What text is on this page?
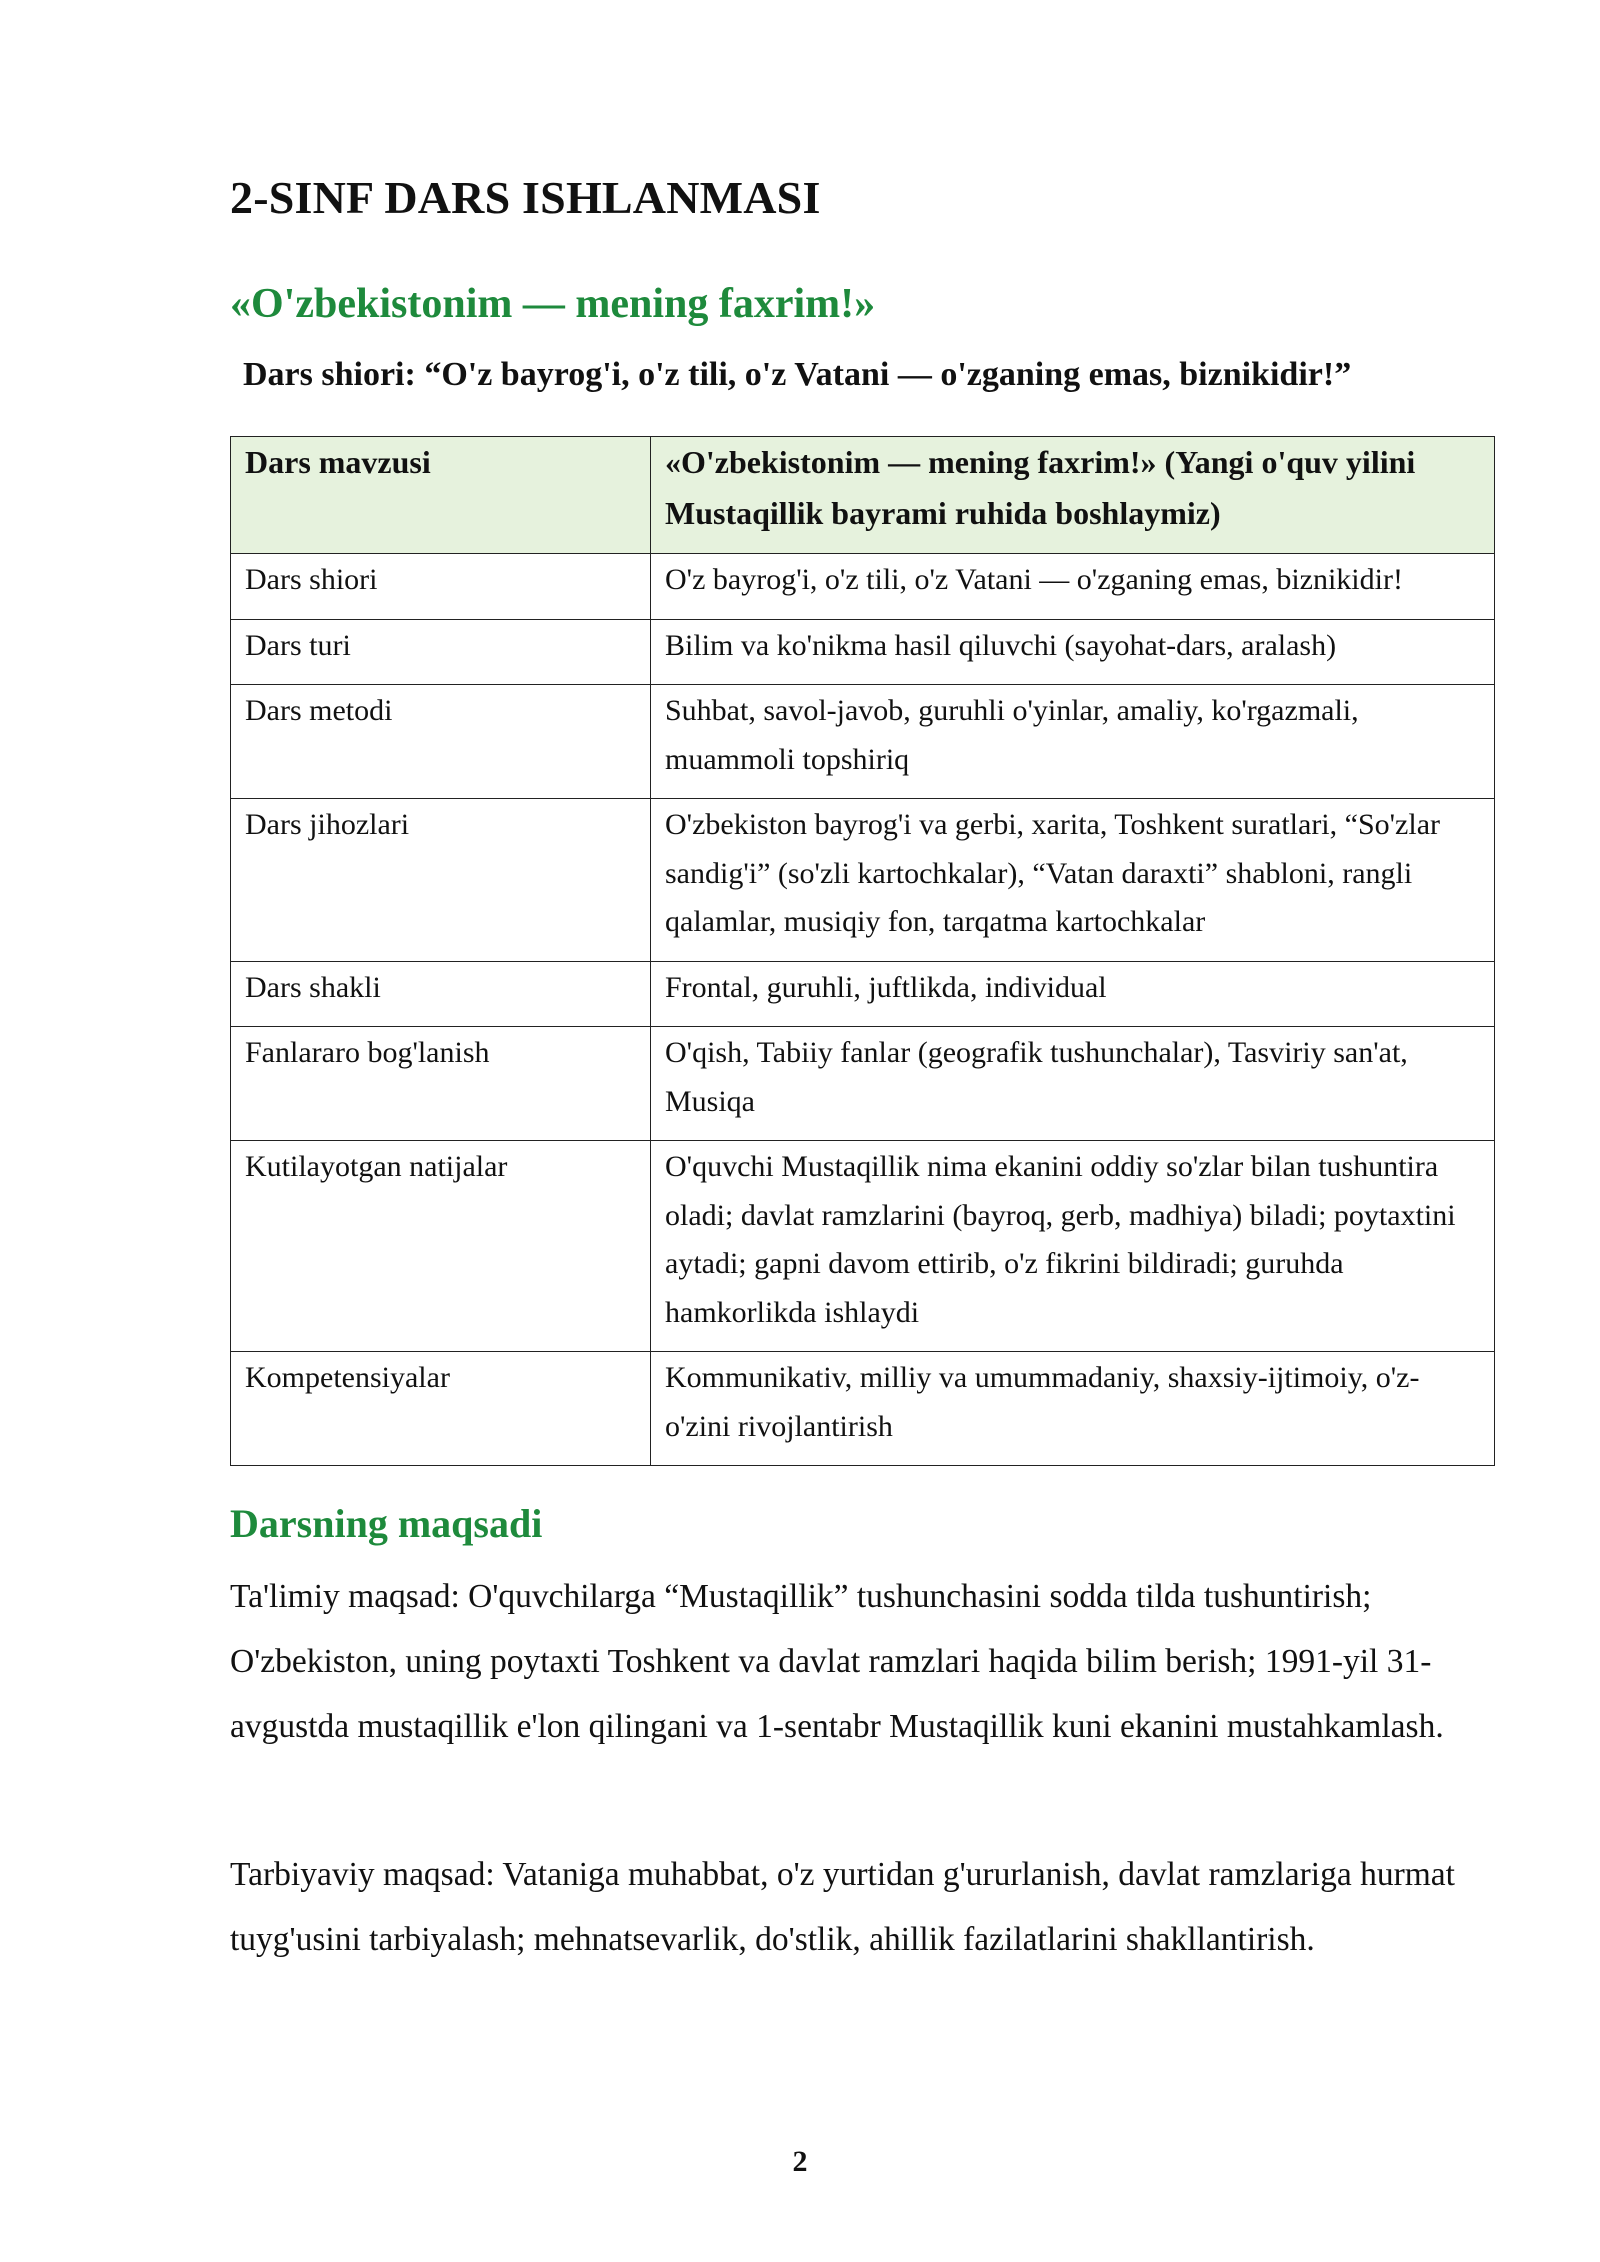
2-SINF DARS ISHLANMASI
«O'zbekistonim — mening faxrim!»
Dars shiori: “O'z bayrog'i, o'z tili, o'z Vatani — o'zganing emas, biznikidir!”
Dars mavzusi	«O'zbekistonim — mening faxrim!» (Yangi o'quv yilini Mustaqillik bayrami ruhida boshlaymiz)
Dars shiori	O'z bayrog'i, o'z tili, o'z Vatani — o'zganing emas, biznikidir!
Dars turi	Bilim va ko'nikma hasil qiluvchi (sayohat-dars, aralash)
Dars metodi	Suhbat, savol-javob, guruhli o'yinlar, amaliy, ko'rgazmali, muammoli topshiriq
Dars jihozlari	O'zbekiston bayrog'i va gerbi, xarita, Toshkent suratlari, “So'zlar sandig'i” (so'zli kartochkalar), “Vatan daraxti” shabloni, rangli qalamlar, musiqiy fon, tarqatma kartochkalar
Dars shakli	Frontal, guruhli, juftlikda, individual
Fanlararo bog'lanish	O'qish, Tabiiy fanlar (geografik tushunchalar), Tasviriy san'at, Musiqa
Kutilayotgan natijalar	O'quvchi Mustaqillik nima ekanini oddiy so'zlar bilan tushuntira oladi; davlat ramzlarini (bayroq, gerb, madhiya) biladi; poytaxtini aytadi; gapni davom ettirib, o'z fikrini bildiradi; guruhda hamkorlikda ishlaydi
Kompetensiyalar	Kommunikativ, milliy va umummadaniy, shaxsiy-ijtimoiy, o'z-o'zini rivojlantirish
Darsning maqsadi

Ta'limiy maqsad: O'quvchilarga “Mustaqillik” tushunchasini sodda tilda tushuntirish; O'zbekiston, uning poytaxti Toshkent va davlat ramzlari haqida bilim berish; 1991-yil 31-avgustda mustaqillik e'lon qilingani va 1-sentabr Mustaqillik kuni ekanini mustahkamlash.

Tarbiyaviy maqsad: Vataniga muhabbat, o'z yurtidan g'ururlanish, davlat ramzlariga hurmat tuyg'usini tarbiyalash; mehnatsevarlik, do'stlik, ahillik fazilatlarini shakllantirish.

2
